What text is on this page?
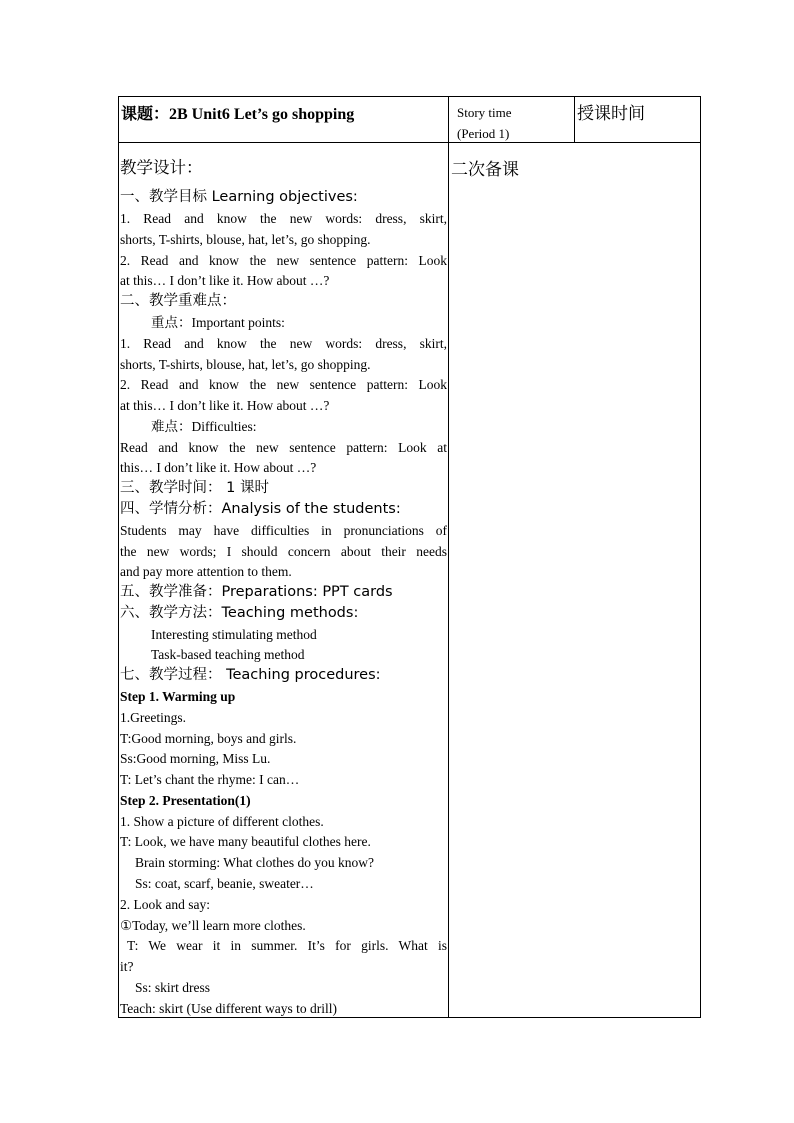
课题：2B Unit6 Let’s go shopping	Story time
(Period 1)
授课时间
教学设计：
一、教学目标 Learning objectives:
1. Read and know the new words: dress, skirt,
shorts, T-shirts, blouse, hat, let’s, go shopping.
2. Read and know the new sentence pattern: Look
at this… I don’t like it. How about …?
二、教学重难点：
重点：Important points:
1. Read and know the new words: dress, skirt,
shorts, T-shirts, blouse, hat, let’s, go shopping.
2. Read and know the new sentence pattern: Look
at this… I don’t like it. How about …?
难点：Difficulties:
Read and know the new sentence pattern: Look at
this… I don’t like it. How about …?
三、教学时间： 1 课时
四、学情分析：Analysis of the students:
Students may have difficulties in pronunciations of
the new words; I should concern about their needs
and pay more attention to them.
五、教学准备：Preparations: PPT cards
六、教学方法：Teaching methods:
Interesting stimulating method
Task-based teaching method
七、教学过程： Teaching procedures:
Step 1. Warming up
1.Greetings.
T:Good morning, boys and girls.
Ss:Good morning, Miss Lu.
T: Let’s chant the rhyme: I can…
Step 2. Presentation(1)
1. Show a picture of different clothes.
T: Look, we have many beautiful clothes here.
Brain storming: What clothes do you know?
Ss: coat, scarf, beanie, sweater…
2. Look and say:
①Today, we’ll learn more clothes.
T: We wear it in summer. It’s for girls. What is
it?
Ss: skirt dress
Teach: skirt (Use different ways to drill)
二次备课
